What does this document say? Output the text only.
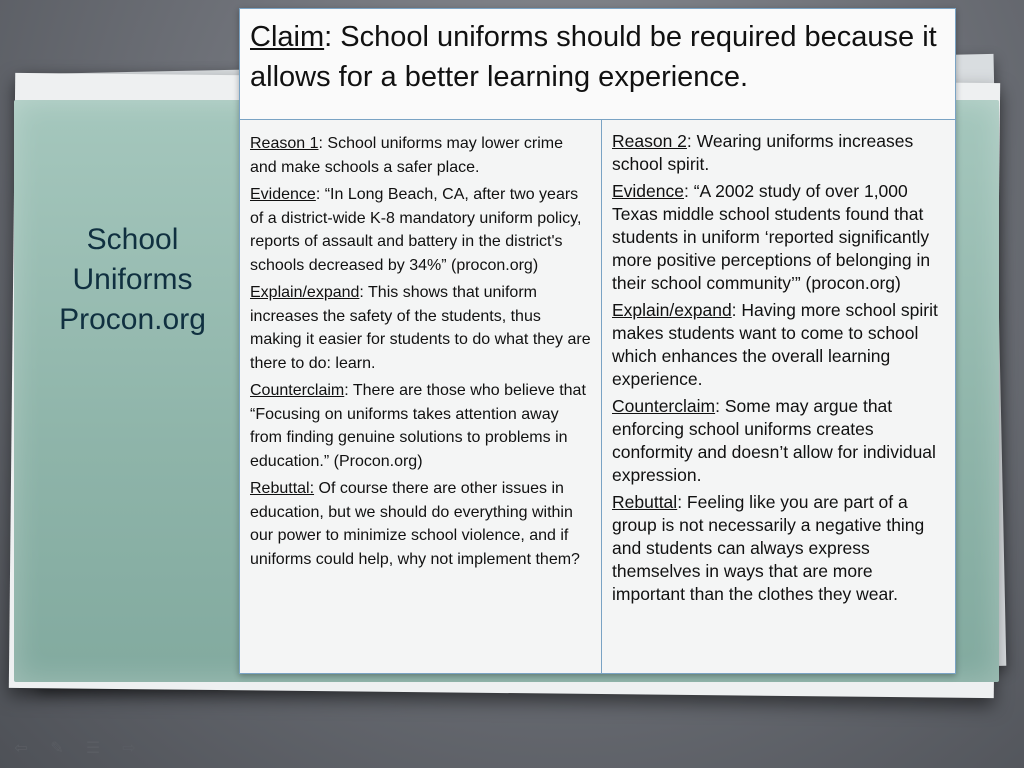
School
Uniforms
Procon.org
Claim: School uniforms should be required because it allows for a better learning experience.

Reason 1: School uniforms may lower crime and make schools a safer place.

Evidence: “In Long Beach, CA, after two years of a district-wide K-8 mandatory uniform policy, reports of assault and battery in the district's schools decreased by 34%” (procon.org)

Explain/expand: This shows that uniform increases the safety of the students, thus making it easier for students to do what they are there to do: learn.

Counterclaim: There are those who believe that “Focusing on uniforms takes attention away from finding genuine solutions to problems in education.” (Procon.org)

Rebuttal: Of course there are other issues in education, but we should do everything within our power to minimize school violence, and if uniforms could help, why not implement them?

Reason 2: Wearing uniforms increases school spirit.

Evidence: “A 2002 study of over 1,000 Texas middle school students found that students in uniform ‘reported significantly more positive perceptions of belonging in their school community’” (procon.org)

Explain/expand: Having more school spirit makes students want to come to school which enhances the overall learning experience.

Counterclaim: Some may argue that enforcing school uniforms creates conformity and doesn’t allow for individual expression.

Rebuttal: Feeling like you are part of a group is not necessarily a negative thing and students can always express themselves in ways that are more important than the clothes they wear.

⇦ ✎ ☰ ⇨
